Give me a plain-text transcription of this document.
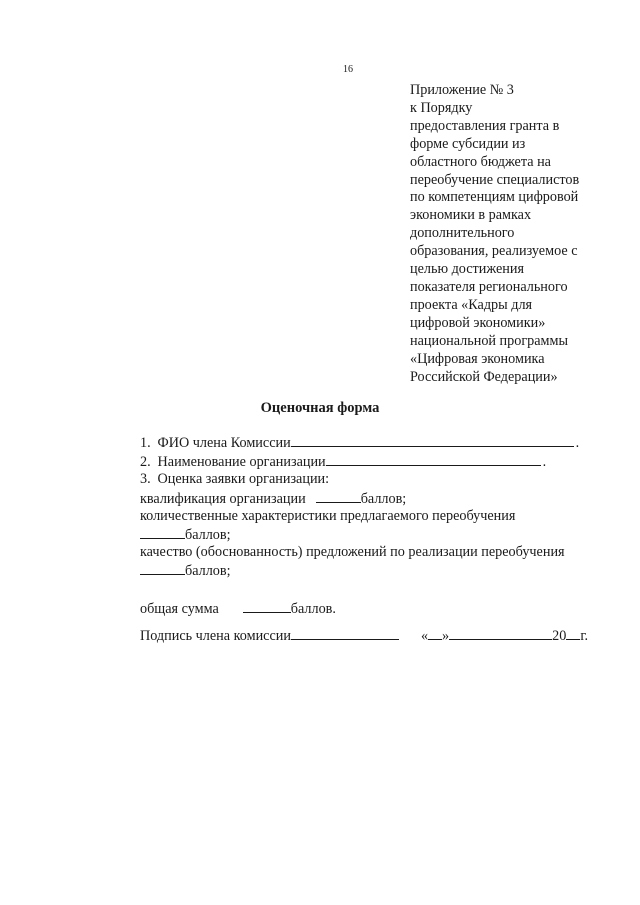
16
Приложение № 3
к Порядку
предоставления гранта в
форме субсидии из
областного бюджета на
переобучение специалистов
по компетенциям цифровой
экономики в рамках
дополнительного
образования, реализуемое с
целью достижения
показателя регионального
проекта «Кадры для
цифровой экономики»
национальной программы
«Цифровая экономика
Российской Федерации»
Оценочная форма
1. ФИО члена Комиссии	.
2. Наименование организации	.
3. Оценка заявки организации:
квалификация организации	баллов;
количественные характеристики предлагаемого переобучения
баллов;
качество (обоснованность) предложений по реализации переобучения
баллов;
общая сумма	баллов.
Подпись члена комиссии	« »	20 г.
